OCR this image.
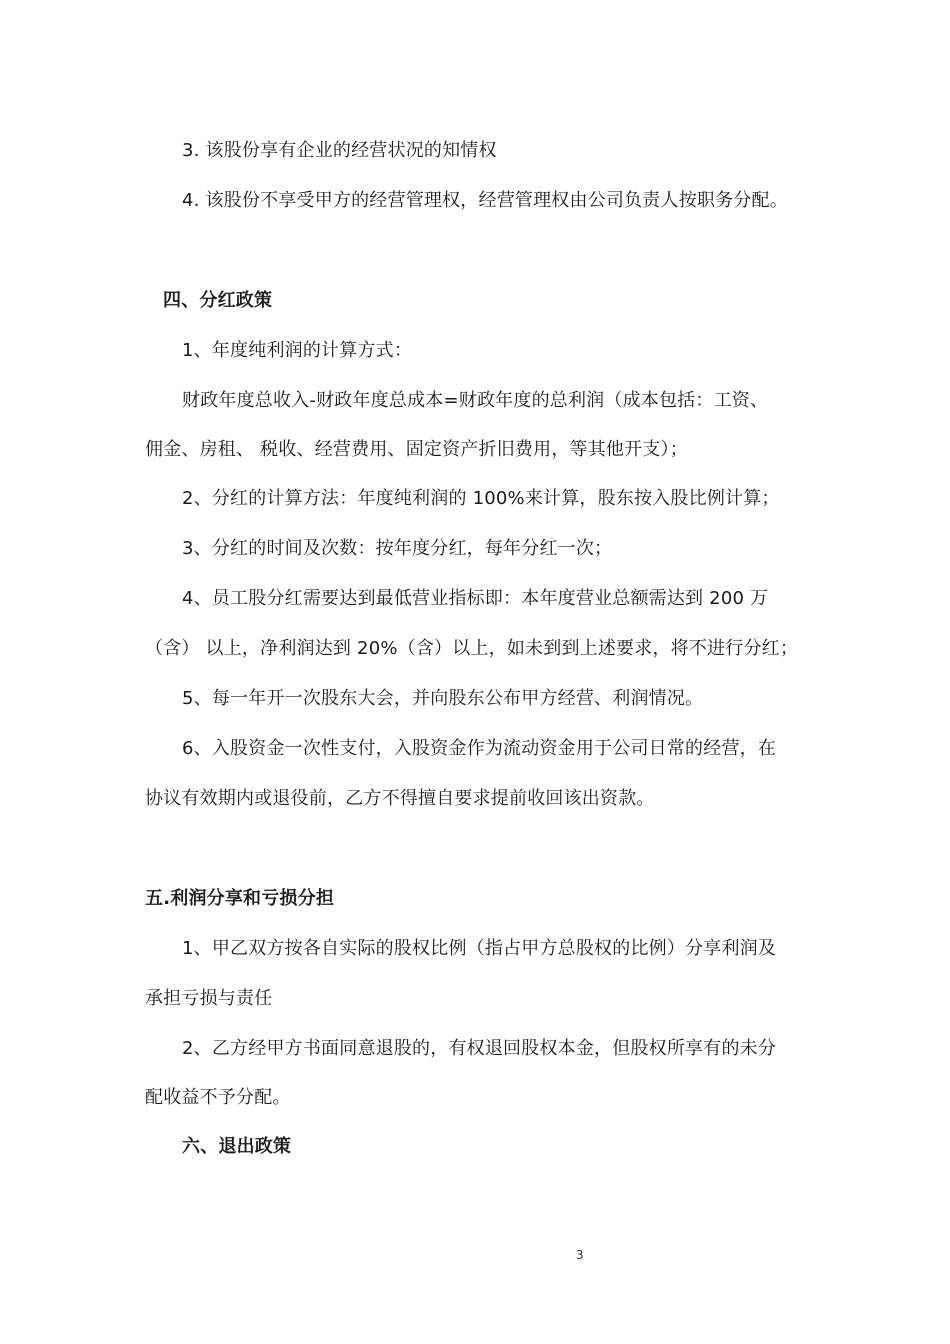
3. 该股份享有企业的经营状况的知情权
4. 该股份不享受甲方的经营管理权，经营管理权由公司负责人按职务分配。
四、分红政策
1、年度纯利润的计算方式：
财政年度总收入-财政年度总成本=财政年度的总利润（成本包括：工资、
佣金、房租、 税收、经营费用、固定资产折旧费用，等其他开支）；
2、分红的计算方法：年度纯利润的 100%来计算，股东按入股比例计算；
3、分红的时间及次数：按年度分红，每年分红一次；
4、员工股分红需要达到最低营业指标即：本年度营业总额需达到 200 万
（含） 以上，净利润达到 20%（含）以上，如未到到上述要求，将不进行分红；
5、每一年开一次股东大会，并向股东公布甲方经营、利润情况。
6、入股资金一次性支付，入股资金作为流动资金用于公司日常的经营，在
协议有效期内或退役前，乙方不得擅自要求提前收回该出资款。
五.利润分享和亏损分担
1、甲乙双方按各自实际的股权比例（指占甲方总股权的比例）分享利润及
承担亏损与责任
2、乙方经甲方书面同意退股的，有权退回股权本金，但股权所享有的未分
配收益不予分配。
六、退出政策
3
